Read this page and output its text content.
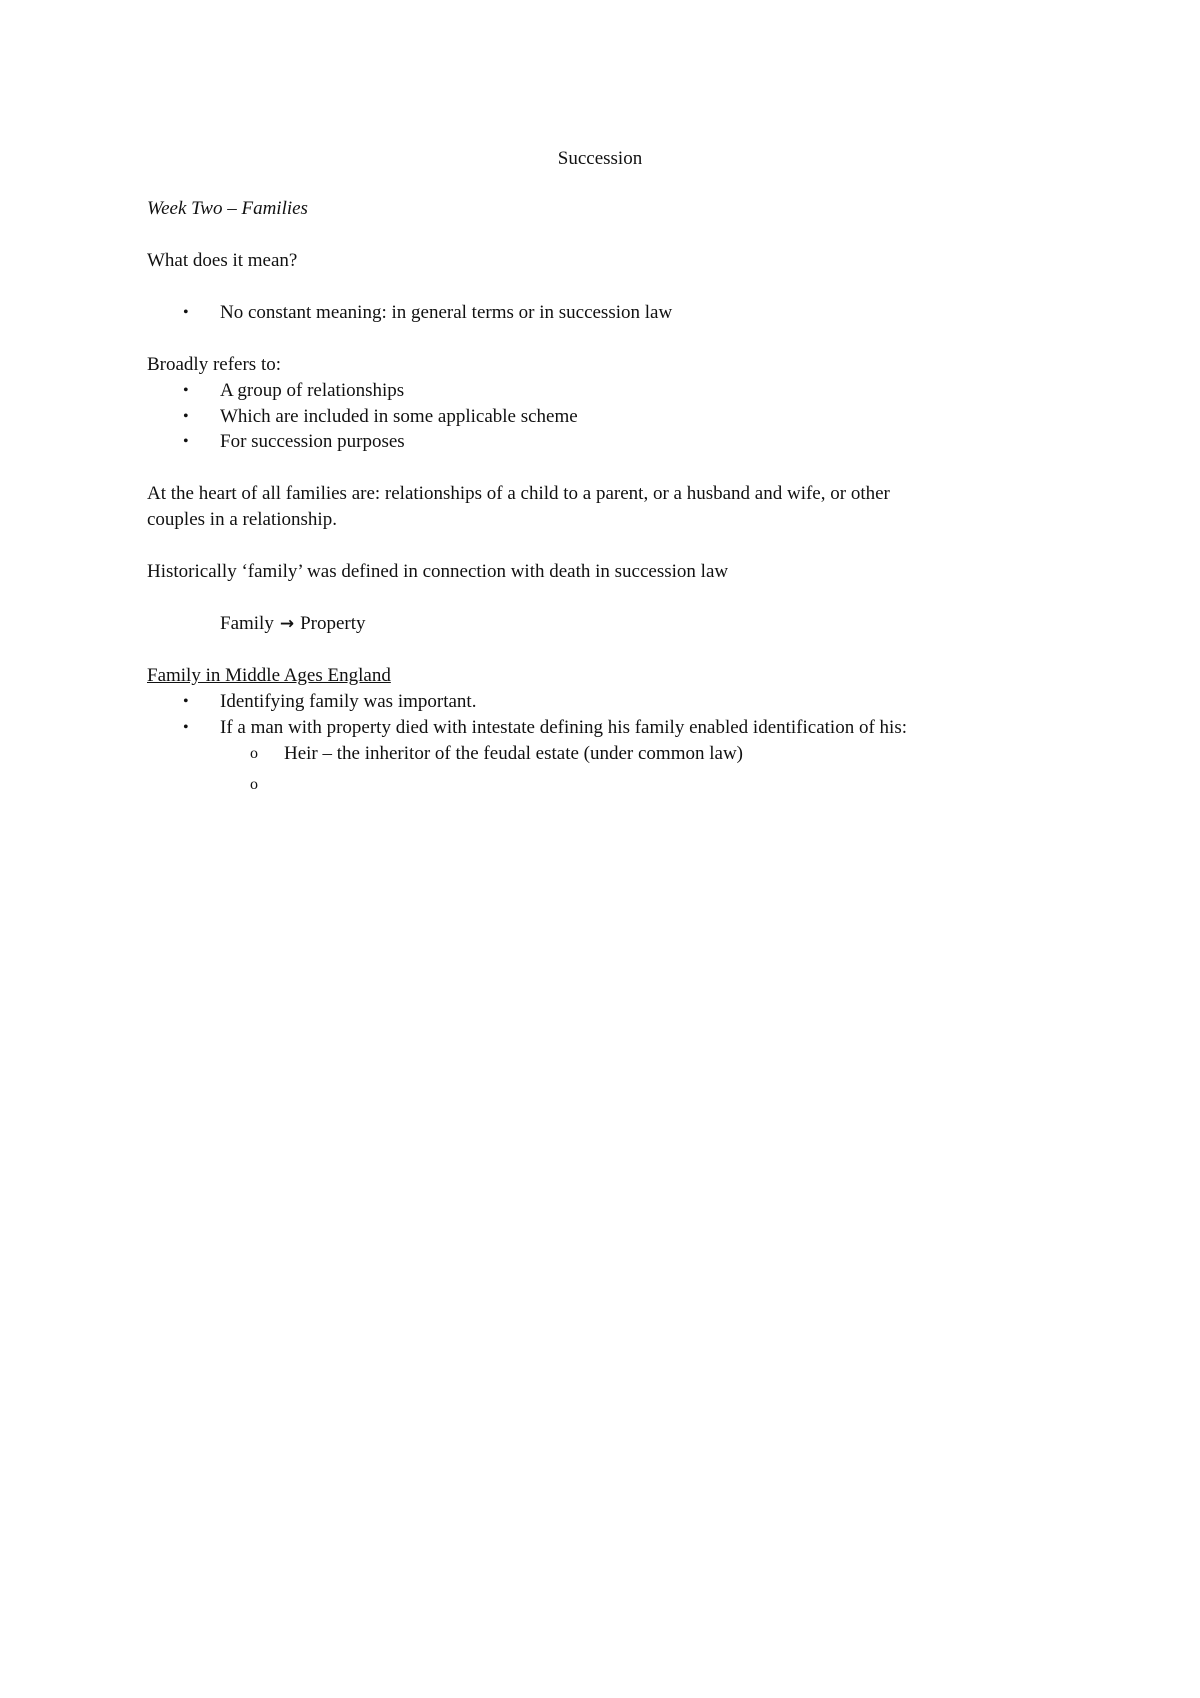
Succession
Week Two – Families
What does it mean?
• No constant meaning: in general terms or in succession law
Broadly refers to:
• A group of relationships
• Which are included in some applicable scheme
• For succession purposes
At the heart of all families are: relationships of a child to a parent, or a husband and wife, or other
couples in a relationship.
Historically ‘family’ was defined in connection with death in succession law
Family → Property
Family in Middle Ages England
• Identifying family was important.
• If a man with property died with intestate defining his family enabled identification of his:
o Heir – the inheritor of the feudal estate (under common law)
o
